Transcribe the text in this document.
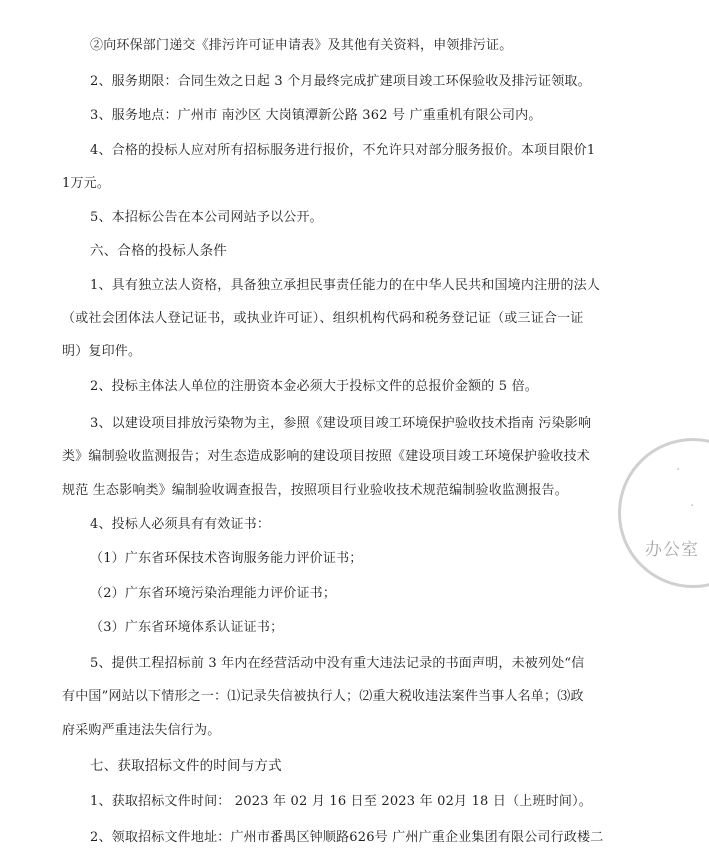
办公室
·
·
②向环保部门递交《排污许可证申请表》及其他有关资料，申领排污证。
2、服务期限：合同生效之日起 3 个月最终完成扩建项目竣工环保验收及排污证领取。
3、服务地点：广州市 南沙区 大岗镇潭新公路 362 号 广重重机有限公司内。
4、合格的投标人应对所有招标服务进行报价，不允许只对部分服务报价。本项目限价1
1万元。
5、本招标公告在本公司网站予以公开。
六、合格的投标人条件
1、具有独立法人资格，具备独立承担民事责任能力的在中华人民共和国境内注册的法人
（或社会团体法人登记证书，或执业许可证）、组织机构代码和税务登记证（或三证合一证
明）复印件。
2、投标主体法人单位的注册资本金必须大于投标文件的总报价金额的 5 倍。
3、以建设项目排放污染物为主，参照《建设项目竣工环境保护验收技术指南 污染影响
类》编制验收监测报告；对生态造成影响的建设项目按照《建设项目竣工环境保护验收技术
规范 生态影响类》编制验收调查报告，按照项目行业验收技术规范编制验收监测报告。
4、投标人必须具有有效证书：
（1）广东省环保技术咨询服务能力评价证书；
（2）广东省环境污染治理能力评价证书；
（3）广东省环境体系认证证书；
5、提供工程招标前 3 年内在经营活动中没有重大违法记录的书面声明，未被列处“信
有中国”网站以下情形之一：⑴记录失信被执行人；⑵重大税收违法案件当事人名单；⑶政
府采购严重违法失信行为。
七、获取招标文件的时间与方式
1、获取招标文件时间： 2023 年 02 月 16 日至 2023 年 02月 18 日（上班时间）。
2、领取招标文件地址：广州市番禺区钟顺路626号 广州广重企业集团有限公司行政楼二
